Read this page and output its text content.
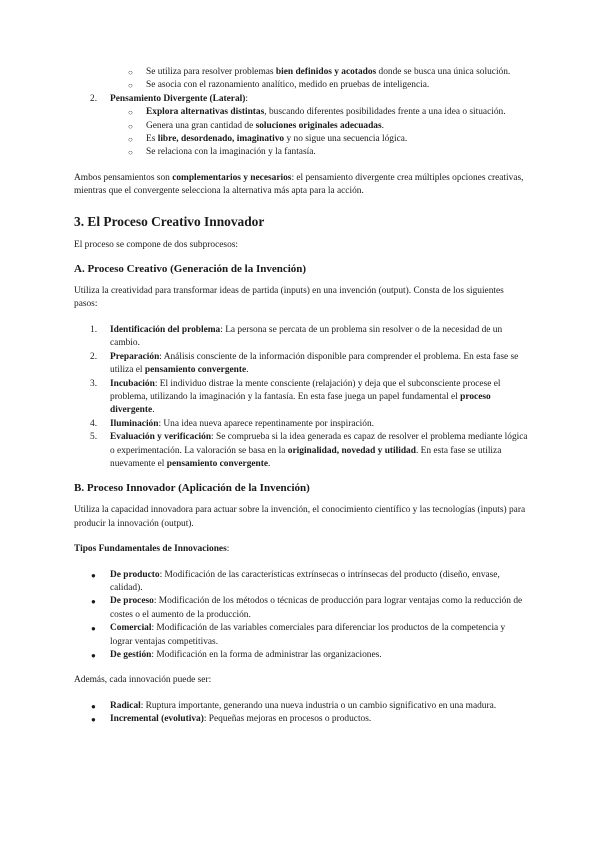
○ Se utiliza para resolver problemas bien definidos y acotados donde se busca una única solución.
○ Se asocia con el razonamiento analítico, medido en pruebas de inteligencia.
2. Pensamiento Divergente (Lateral):
○ Explora alternativas distintas, buscando diferentes posibilidades frente a una idea o situación.
○ Genera una gran cantidad de soluciones originales adecuadas.
○ Es libre, desordenado, imaginativo y no sigue una secuencia lógica.
○ Se relaciona con la imaginación y la fantasía.

Ambos pensamientos son complementarios y necesarios: el pensamiento divergente crea múltiples opciones creativas, mientras que el convergente selecciona la alternativa más apta para la acción.

3. El Proceso Creativo Innovador

El proceso se compone de dos subprocesos:

A. Proceso Creativo (Generación de la Invención)

Utiliza la creatividad para transformar ideas de partida (inputs) en una invención (output). Consta de los siguientes pasos:

1. Identificación del problema: La persona se percata de un problema sin resolver o de la necesidad de un cambio.
2. Preparación: Análisis consciente de la información disponible para comprender el problema. En esta fase se utiliza el pensamiento convergente.
3. Incubación: El individuo distrae la mente consciente (relajación) y deja que el subconsciente procese el problema, utilizando la imaginación y la fantasía. En esta fase juega un papel fundamental el proceso divergente.
4. Iluminación: Una idea nueva aparece repentinamente por inspiración.
5. Evaluación y verificación: Se comprueba si la idea generada es capaz de resolver el problema mediante lógica o experimentación. La valoración se basa en la originalidad, novedad y utilidad. En esta fase se utiliza nuevamente el pensamiento convergente.
B. Proceso Innovador (Aplicación de la Invención)

Utiliza la capacidad innovadora para actuar sobre la invención, el conocimiento científico y las tecnologías (inputs) para producir la innovación (output).

Tipos Fundamentales de Innovaciones:

● De producto: Modificación de las características extrínsecas o intrínsecas del producto (diseño, envase, calidad).
● De proceso: Modificación de los métodos o técnicas de producción para lograr ventajas como la reducción de costes o el aumento de la producción.
● Comercial: Modificación de las variables comerciales para diferenciar los productos de la competencia y lograr ventajas competitivas.
● De gestión: Modificación en la forma de administrar las organizaciones.

Además, cada innovación puede ser:

● Radical: Ruptura importante, generando una nueva industria o un cambio significativo en una madura.
● Incremental (evolutiva): Pequeñas mejoras en procesos o productos.
